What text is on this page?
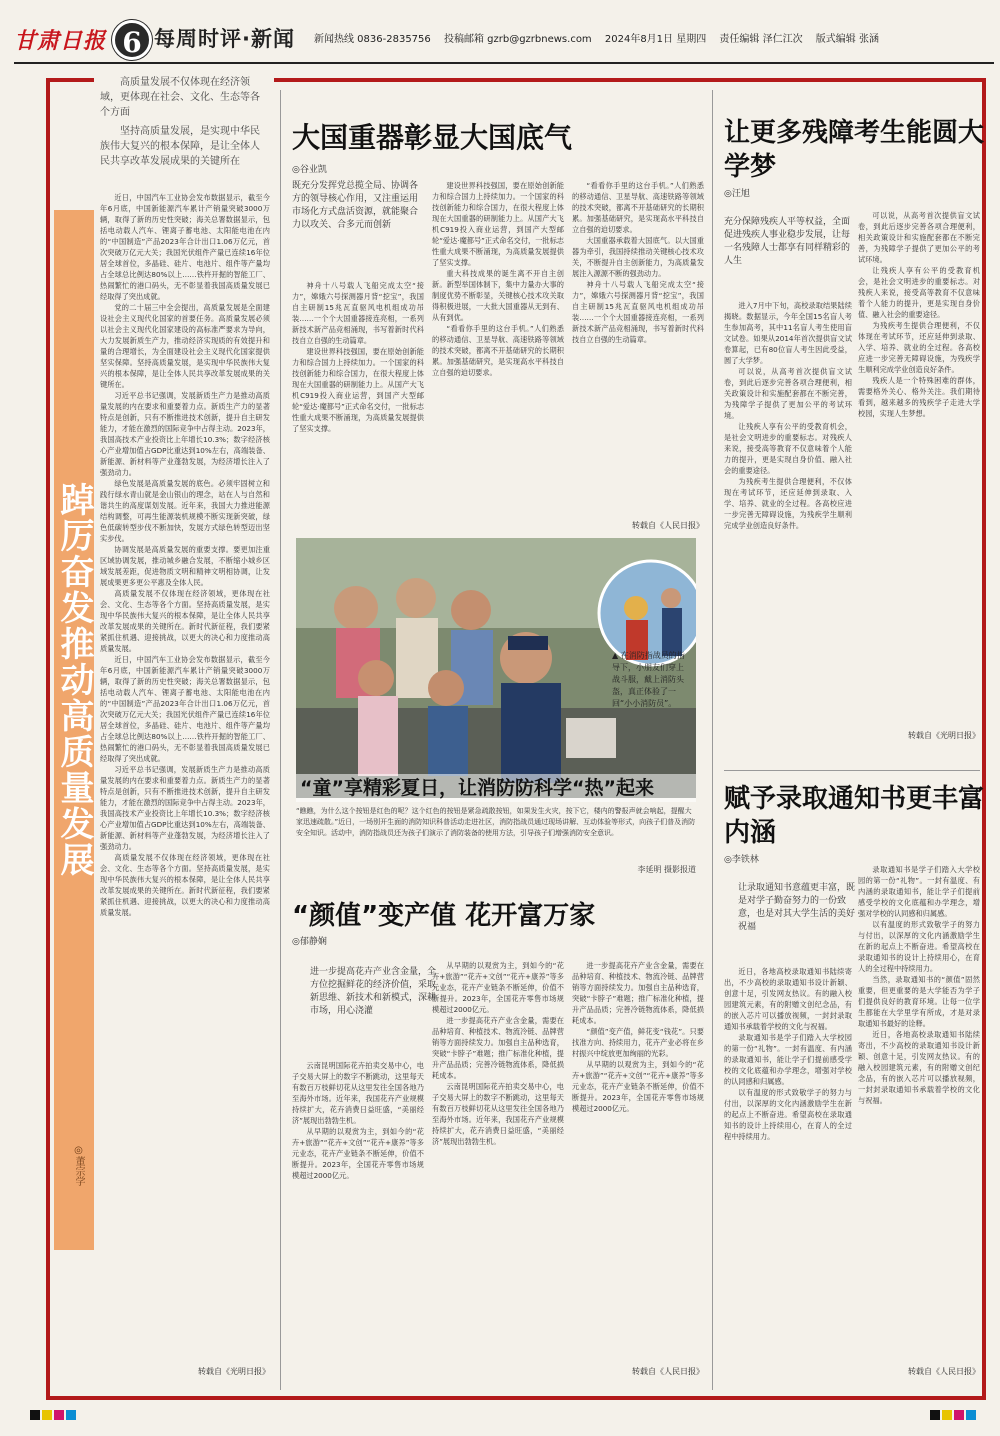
甘肃日报 6 每周时评·新闻	新闻热线 0836-2835756 投稿邮箱 gzrb@gzrbnews.com 2024年8月1日 星期四 责任编辑 泽仁江次 版式编辑 张涵

高质量发展不仅体现在经济领域，更体现在社会、文化、生态等各个方面

坚持高质量发展，是实现中华民族伟大复兴的根本保障，是让全体人民共享改革发展成果的关键所在

踔厉奋发推动高质量发展
◎董宗学

近日，中国汽车工业协会发布数据显示，截至今年6月底，中国新能源汽车累计产销量突破3000万辆，取得了新的历史性突破；海关总署数据显示，包括电动载人汽车、锂离子蓄电池、太阳能电池在内的“中国制造”产品2023年合计出口1.06万亿元，首次突破万亿元大关；我国光伏组件产量已连续16年位居全球首位，多晶硅、硅片、电池片、组件等产量均占全球总比例达80%以上……铁杵开掘的智能工厂、热闹繁忙的港口码头，无不彰显着我国高质量发展已经取得了突出成就。

党的二十届三中全会提出，高质量发展是全面建设社会主义现代化国家的首要任务。高质量发展必须以社会主义现代化国家建设的高标准严要求为导向，大力发展新质生产力，推动经济实现质的有效提升和量的合理增长，为全面建设社会主义现代化国家提供坚实保障。坚持高质量发展，是实现中华民族伟大复兴的根本保障，是让全体人民共享改革发展成果的关键所在。

习近平总书记强调，发展新质生产力是推动高质量发展的内在要求和重要着力点。新质生产力的显著特点是创新，只有不断推进技术创新，提升自主研发能力，才能在激烈的国际竞争中占得主动。2023年，我国高技术产业投资比上年增长10.3%；数字经济核心产业增加值占GDP比重达到10%左右，高端装备、新能源、新材料等产业蓬勃发展，为经济增长注入了强劲动力。

绿色发展是高质量发展的底色。必须牢固树立和践行绿水青山就是金山银山的理念，站在人与自然和谐共生的高度谋划发展。近年来，我国大力推进能源结构调整，可再生能源装机规模不断实现新突破，绿色低碳转型步伐不断加快，发展方式绿色转型迈出坚实步伐。

协调发展是高质量发展的重要支撑。要更加注重区域协调发展，推动城乡融合发展，不断缩小城乡区域发展差距，促进物质文明和精神文明相协调，让发展成果更多更公平惠及全体人民。

高质量发展不仅体现在经济领域，更体现在社会、文化、生态等各个方面。坚持高质量发展，是实现中华民族伟大复兴的根本保障，是让全体人民共享改革发展成果的关键所在。新时代新征程，我们要紧紧抓住机遇、迎接挑战，以更大的决心和力度推动高质量发展。

近日，中国汽车工业协会发布数据显示，截至今年6月底，中国新能源汽车累计产销量突破3000万辆，取得了新的历史性突破；海关总署数据显示，包括电动载人汽车、锂离子蓄电池、太阳能电池在内的“中国制造”产品2023年合计出口1.06万亿元，首次突破万亿元大关；我国光伏组件产量已连续16年位居全球首位，多晶硅、硅片、电池片、组件等产量均占全球总比例达80%以上……铁杵开掘的智能工厂、热闹繁忙的港口码头，无不彰显着我国高质量发展已经取得了突出成就。

习近平总书记强调，发展新质生产力是推动高质量发展的内在要求和重要着力点。新质生产力的显著特点是创新，只有不断推进技术创新，提升自主研发能力，才能在激烈的国际竞争中占得主动。2023年，我国高技术产业投资比上年增长10.3%；数字经济核心产业增加值占GDP比重达到10%左右，高端装备、新能源、新材料等产业蓬勃发展，为经济增长注入了强劲动力。

高质量发展不仅体现在经济领域，更体现在社会、文化、生态等各个方面。坚持高质量发展，是实现中华民族伟大复兴的根本保障，是让全体人民共享改革发展成果的关键所在。新时代新征程，我们要紧紧抓住机遇、迎接挑战，以更大的决心和力度推动高质量发展。

转载自《光明日报》
大国重器彰显大国底气
◎谷业凯
既充分发挥党总揽全局、协调各方的领导核心作用，又注重运用市场化方式盘活资源，就能聚合力以攻关、合多元而创新

神舟十八号载人飞船完成太空“接力”，嫦娥六号探测器月背“挖宝”，我国自主研制15兆瓦直驱风电机组成功吊装……一个个大国重器接连亮相，一系列新技术新产品竞相涌现，书写着新时代科技自立自强的生动篇章。

建设世界科技强国，要在原始创新能力和综合国力上持续加力。一个国家的科技创新能力和综合国力，在很大程度上体现在大国重器的研制能力上。从国产大飞机C919投入商业运营，到国产大型邮轮“爱达·魔都号”正式命名交付，一批标志性重大成果不断涌现，为高质量发展提供了坚实支撑。

建设世界科技强国，要在原始创新能力和综合国力上持续加力。一个国家的科技创新能力和综合国力，在很大程度上体现在大国重器的研制能力上。从国产大飞机C919投入商业运营，到国产大型邮轮“爱达·魔都号”正式命名交付，一批标志性重大成果不断涌现，为高质量发展提供了坚实支撑。

重大科技成果的诞生离不开自主创新。新型举国体制下，集中力量办大事的制度优势不断彰显，关键核心技术攻关取得积极进展，一大批大国重器从无到有、从有到优。

“看看你手里的这台手机。”人们熟悉的移动通信、卫星导航、高速铁路等领域的技术突破，都离不开基础研究的长期积累。加强基础研究，是实现高水平科技自立自强的迫切要求。

“看看你手里的这台手机。”人们熟悉的移动通信、卫星导航、高速铁路等领域的技术突破，都离不开基础研究的长期积累。加强基础研究，是实现高水平科技自立自强的迫切要求。

大国重器承载着大国底气。以大国重器为牵引，我国持续推动关键核心技术攻关，不断提升自主创新能力，为高质量发展注入源源不断的强劲动力。

神舟十八号载人飞船完成太空“接力”，嫦娥六号探测器月背“挖宝”，我国自主研制15兆瓦直驱风电机组成功吊装……一个个大国重器接连亮相，一系列新技术新产品竞相涌现，书写着新时代科技自立自强的生动篇章。

转载自《人民日报》
▲ 在消防指战员的指导下，小朋友们穿上战斗服，戴上消防头盔，真正体验了一回“小小消防员”。
“童”享精彩夏日，让消防防科学“热”起来
“瞧瞧，为什么这个按钮是红色的呢？这个红色的按钮是紧急疏散按钮，如果发生火灾，按下它，楼内的警报声就会响起，提醒大家迅速疏散。”近日，一场别开生面的消防知识科普活动走进社区，消防指战员通过现场讲解、互动体验等形式，向孩子们普及消防安全知识。活动中，消防指战员还为孩子们演示了消防装备的使用方法，引导孩子们增强消防安全意识。
李延明 摄影报道
让更多残障考生能圆大学梦
◎汪旭
充分保障残疾人平等权益，全面促进残疾人事业稳步发展，让每一名残障人士都享有同样精彩的人生

进入7月中下旬，高校录取结果陆续揭晓。数据显示，今年全国15名盲人考生参加高考，其中11名盲人考生使用盲文试卷。如果从2014年首次提供盲文试卷算起，已有80位盲人考生因此受益，圆了大学梦。

可以说，从高考首次提供盲文试卷，到此后逐步完善各项合理便利，相关政策设计和实施配套都在不断完善，为残障学子提供了更加公平的考试环境。

让残疾人享有公平的受教育机会，是社会文明进步的重要标志。对残疾人来说，接受高等教育不仅意味着个人能力的提升，更是实现自身价值、融入社会的重要途径。

为残疾考生提供合理便利，不仅体现在考试环节，还应延伸到录取、入学、培养、就业的全过程。各高校应进一步完善无障碍设施，为残疾学生顺利完成学业创造良好条件。

可以说，从高考首次提供盲文试卷，到此后逐步完善各项合理便利，相关政策设计和实施配套都在不断完善，为残障学子提供了更加公平的考试环境。

让残疾人享有公平的受教育机会，是社会文明进步的重要标志。对残疾人来说，接受高等教育不仅意味着个人能力的提升，更是实现自身价值、融入社会的重要途径。

为残疾考生提供合理便利，不仅体现在考试环节，还应延伸到录取、入学、培养、就业的全过程。各高校应进一步完善无障碍设施，为残疾学生顺利完成学业创造良好条件。

残疾人是一个特殊困难的群体，需要格外关心、格外关注。我们期待看到，越来越多的残疾学子走进大学校园，实现人生梦想。

转载自《光明日报》
“颜值”变产值 花开富万家
◎郁静娴
进一步提高花卉产业含金量，全方位挖掘鲜花的经济价值，采取新思维、新技术和新模式，深耕市场，用心浇灌

云南昆明国际花卉拍卖交易中心，电子交易大屏上的数字不断跳动，这里每天有数百万枝鲜切花从这里发往全国各地乃至海外市场。近年来，我国花卉产业规模持续扩大，花卉消费日益旺盛，“美丽经济”展现出勃勃生机。

从早期的以观赏为主，到如今的“花卉+旅游”“花卉+文创”“花卉+康养”等多元业态，花卉产业链条不断延伸，价值不断提升。2023年，全国花卉零售市场规模超过2000亿元。

从早期的以观赏为主，到如今的“花卉+旅游”“花卉+文创”“花卉+康养”等多元业态，花卉产业链条不断延伸，价值不断提升。2023年，全国花卉零售市场规模超过2000亿元。

进一步提高花卉产业含金量，需要在品种培育、种植技术、物流冷链、品牌营销等方面持续发力。加强自主品种选育，突破“卡脖子”难题；推广标准化种植，提升产品品质；完善冷链物流体系，降低损耗成本。

云南昆明国际花卉拍卖交易中心，电子交易大屏上的数字不断跳动，这里每天有数百万枝鲜切花从这里发往全国各地乃至海外市场。近年来，我国花卉产业规模持续扩大，花卉消费日益旺盛，“美丽经济”展现出勃勃生机。

进一步提高花卉产业含金量，需要在品种培育、种植技术、物流冷链、品牌营销等方面持续发力。加强自主品种选育，突破“卡脖子”难题；推广标准化种植，提升产品品质；完善冷链物流体系，降低损耗成本。

“颜值”变产值，鲜花变“钱花”。只要找准方向、持续用力，花卉产业必将在乡村振兴中绽放更加绚丽的光彩。

从早期的以观赏为主，到如今的“花卉+旅游”“花卉+文创”“花卉+康养”等多元业态，花卉产业链条不断延伸，价值不断提升。2023年，全国花卉零售市场规模超过2000亿元。

转载自《人民日报》
赋予录取通知书更丰富内涵
◎李铁林
让录取通知书意蕴更丰富，既是对学子勤奋努力的一份致意，也是对其大学生活的美好祝福

近日，各地高校录取通知书陆续寄出，不少高校的录取通知书设计新颖、创意十足，引发网友热议。有的融入校园建筑元素，有的附赠文创纪念品，有的嵌入芯片可以播放视频，一封封录取通知书承载着学校的文化与祝福。

录取通知书是学子们踏入大学校园的第一份“礼物”。一封有温度、有内涵的录取通知书，能让学子们提前感受学校的文化底蕴和办学理念，增强对学校的认同感和归属感。

以有温度的形式致敬学子的努力与付出，以深厚的文化内涵激励学生在新的起点上不断奋进。希望高校在录取通知书的设计上持续用心，在育人的全过程中持续用力。

录取通知书是学子们踏入大学校园的第一份“礼物”。一封有温度、有内涵的录取通知书，能让学子们提前感受学校的文化底蕴和办学理念，增强对学校的认同感和归属感。

以有温度的形式致敬学子的努力与付出，以深厚的文化内涵激励学生在新的起点上不断奋进。希望高校在录取通知书的设计上持续用心，在育人的全过程中持续用力。

当然，录取通知书的“颜值”固然重要，但更重要的是大学能否为学子们提供良好的教育环境。让每一位学生都能在大学里学有所成，才是对录取通知书最好的诠释。

近日，各地高校录取通知书陆续寄出，不少高校的录取通知书设计新颖、创意十足，引发网友热议。有的融入校园建筑元素，有的附赠文创纪念品，有的嵌入芯片可以播放视频，一封封录取通知书承载着学校的文化与祝福。

转载自《人民日报》
